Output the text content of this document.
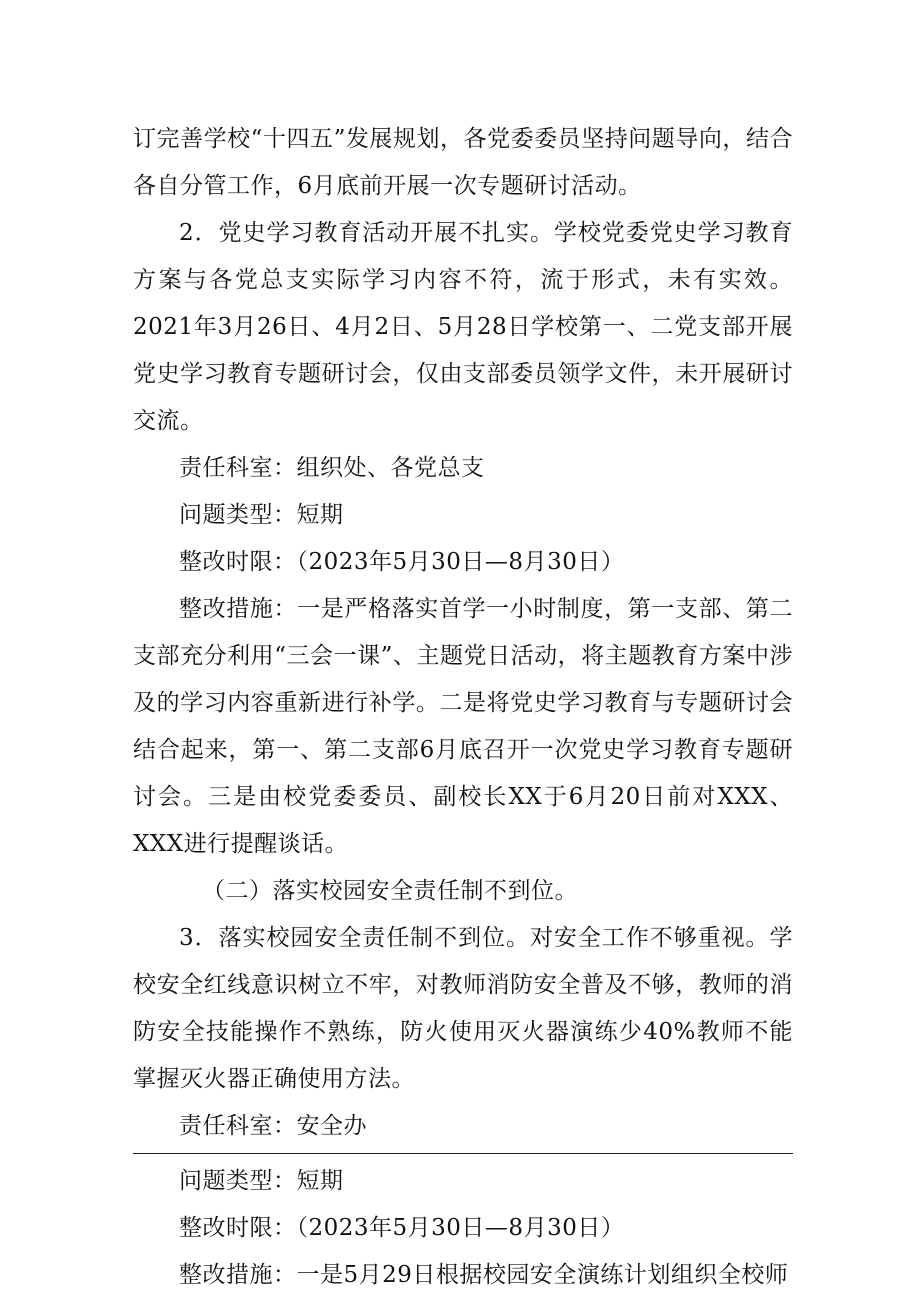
订完善学校“十四五”发展规划，各党委委员坚持问题导向，结合各自分管工作，6月底前开展一次专题研讨活动。

2．党史学习教育活动开展不扎实。学校党委党史学习教育方案与各党总支实际学习内容不符，流于形式，未有实效。2021年3月26日、4月2日、5月28日学校第一、二党支部开展党史学习教育专题研讨会，仅由支部委员领学文件，未开展研讨交流。

责任科室：组织处、各党总支

问题类型：短期

整改时限：（2023年5月30日—8月30日）

整改措施：一是严格落实首学一小时制度，第一支部、第二支部充分利用“三会一课”、主题党日活动，将主题教育方案中涉及的学习内容重新进行补学。二是将党史学习教育与专题研讨会结合起来，第一、第二支部6月底召开一次党史学习教育专题研讨会。三是由校党委委员、副校长XX于6月20日前对XXX、XXX进行提醒谈话。

（二）落实校园安全责任制不到位。

3．落实校园安全责任制不到位。对安全工作不够重视。学校安全红线意识树立不牢，对教师消防安全普及不够，教师的消防安全技能操作不熟练，防火使用灭火器演练少40%教师不能掌握灭火器正确使用方法。

责任科室：安全办

问题类型：短期

整改时限：（2023年5月30日—8月30日）

整改措施：一是5月29日根据校园安全演练计划组织全校师
